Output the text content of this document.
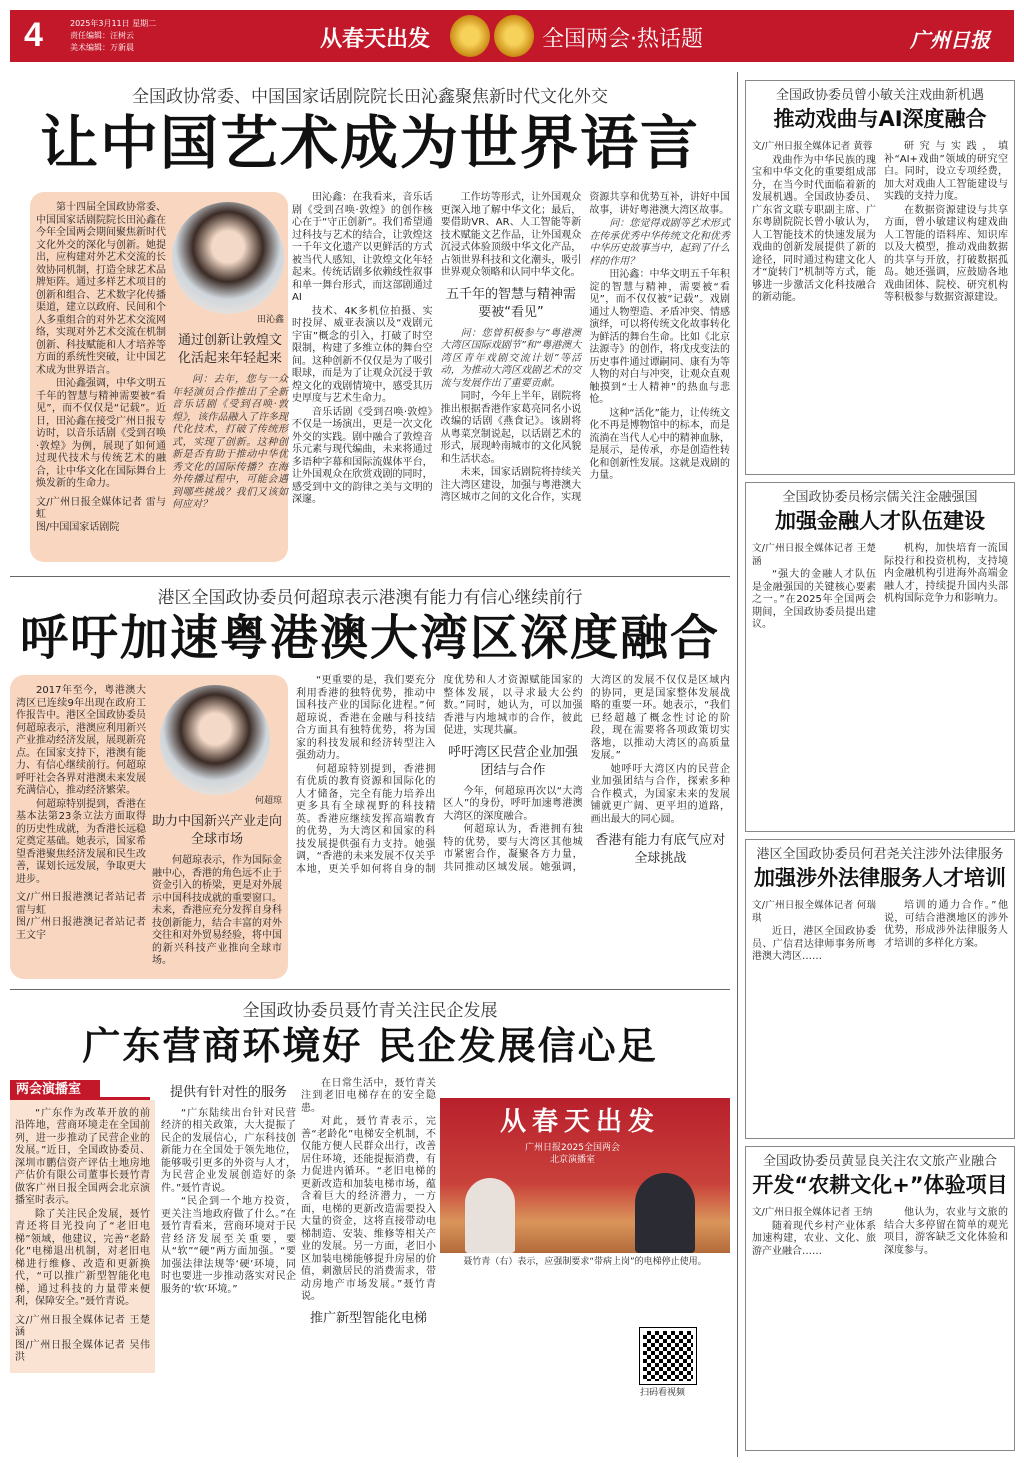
4	2025年3月11日 星期二
责任编辑：汪树云
美术编辑：万新晨	从春天出发	全国两会·热话题	广州日报
全国政协常委、中国国家话剧院院长田沁鑫聚焦新时代文化外交
让中国艺术成为世界语言

第十四届全国政协常委、中国国家话剧院院长田沁鑫在今年全国两会期间聚焦新时代文化外交的深化与创新。她提出，应构建对外艺术交流的长效协同机制，打造全球艺术品牌矩阵。通过多样艺术项目的创新和组合、艺术数字化传播渠道，建立以政府、民间和个人多重组合的对外艺术交流网络，实现对外艺术交流在机制创新、科技赋能和人才培养等方面的系统性突破，让中国艺术成为世界语言。

田沁鑫强调，中华文明五千年的智慧与精神需要被“看见”，而不仅仅是“记载”。近日，田沁鑫在接受广州日报专访时，以音乐话剧《受到召唤·敦煌》为例，展现了如何通过现代技术与传统艺术的融合，让中华文化在国际舞台上焕发新的生命力。

文/广州日报全媒体记者 雷与虹
图/中国国家话剧院
田沁鑫
通过创新让敦煌文化活起来年轻起来

问：去年，您与一众年轻演员合作推出了全新音乐话剧《受到召唤·敦煌》，该作品融入了许多现代化技术，打破了传统形式，实现了创新。这种创新是否有助于推动中华优秀文化的国际传播？在海外传播过程中，可能会遇到哪些挑战？我们又该如何应对？

田沁鑫：在我看来，音乐话剧《受到召唤·敦煌》的创作核心在于“守正创新”。我们希望通过科技与艺术的结合，让敦煌这一千年文化遗产以更鲜活的方式被当代人感知，让敦煌文化年轻起来。传统话剧多依赖线性叙事和单一舞台形式，而这部剧通过AI

技术、4K多机位拍摄、实时投屏、威亚表演以及“戏剧元宇宙”概念的引入，打破了时空限制，构建了多维立体的舞台空间。这种创新不仅仅是为了吸引眼球，而是为了让观众沉浸于敦煌文化的戏剧情境中，感受其历史厚度与艺术生命力。

音乐话剧《受到召唤·敦煌》不仅是一场演出，更是一次文化外交的实践。剧中融合了敦煌音乐元素与现代编曲，未来将通过多语种字幕和国际流媒体平台，让外国观众在欣赏戏剧的同时，感受到中文的韵律之美与文明的深邃。

工作坊等形式，让外国观众更深入地了解中华文化；最后，要借助VR、AR、人工智能等新技术赋能文艺作品，让外国观众沉浸式体验顶级中华文化产品，占领世界科技和文化潮头，吸引世界观众领略和认同中华文化。

五千年的智慧与精神需要被“看见”

问：您曾积极参与“粤港澳大湾区国际戏剧节”和“粤港澳大湾区青年戏剧交流计划”等活动，为推动大湾区戏剧艺术的交流与发展作出了重要贡献。

同时，今年上半年，剧院将推出根据香港作家葛亮同名小说改编的话剧《燕食记》。该剧将从粤菜烹制说起，以话剧艺术的形式，展现岭南城市的文化风貌和生活状态。

未来，国家话剧院将持续关注大湾区建设，加强与粤港澳大湾区城市之间的文化合作，实现资源共享和优势互补，讲好中国故事，讲好粤港澳大湾区故事。

问：您觉得戏剧等艺术形式在传承优秀中华传统文化和优秀中华历史故事当中，起到了什么样的作用？

田沁鑫：中华文明五千年积淀的智慧与精神，需要被“看见”，而不仅仅被“记载”。戏剧通过人物塑造、矛盾冲突、情感演绎，可以将传统文化故事转化为鲜活的舞台生命。比如《北京法源寺》的创作，将戊戌变法的历史事件通过谭嗣同、康有为等人物的对白与冲突，让观众直观触摸到“士人精神”的热血与悲怆。

这种“活化”能力，让传统文化不再是博物馆中的标本，而是流淌在当代人心中的精神血脉，是展示，是传承，亦是创造性转化和创新性发展。这就是戏剧的力量。

港区全国政协委员何超琼表示港澳有能力有信心继续前行
呼吁加速粤港澳大湾区深度融合

2017年至今，粤港澳大湾区已连续9年出现在政府工作报告中。港区全国政协委员何超琼表示，港澳应利用新兴产业推动经济发展，展现新亮点。在国家支持下，港澳有能力、有信心继续前行。何超琼呼吁社会各界对港澳未来发展充满信心，推动经济繁荣。

何超琼特别提到，香港在基本法第23条立法方面取得的历史性成就，为香港长远稳定奠定基础。她表示，国家希望香港聚焦经济发展和民生改善，谋划长远发展，争取更大进步。

文/广州日报港澳记者站记者 雷与虹
图/广州日报港澳记者站记者 王文宇
何超琼
助力中国新兴产业走向全球市场

何超琼表示，作为国际金融中心，香港的角色远不止于资金引入的桥梁，更是对外展示中国科技成就的重要窗口。未来，香港应充分发挥自身科技创新能力，结合丰富的对外交往和对外贸易经验，将中国的新兴科技产业推向全球市场。

“更重要的是，我们要充分利用香港的独特优势，推动中国科技产业的国际化进程。”何超琼说，香港在金融与科技结合方面具有独特优势，将为国家的科技发展和经济转型注入强劲动力。

何超琼特别提到，香港拥有优质的教育资源和国际化的人才储备，完全有能力培养出更多具有全球视野的科技精英。香港应继续发挥高端教育的优势，为大湾区和国家的科技发展提供强有力支持。她强调，“香港的未来发展不仅关乎本地，更关乎如何将自身的制度优势和人才资源赋能国家的整体发展，以寻求最大公约数。”同时，她认为，可以加强香港与内地城市的合作，彼此促进，实现共赢。

呼吁湾区民营企业加强团结与合作

今年，何超琼再次以“大湾区人”的身份，呼吁加速粤港澳大湾区的深度融合。

何超琼认为，香港拥有独特的优势，要与大湾区其他城市紧密合作，凝聚各方力量，共同推动区域发展。她强调，大湾区的发展不仅仅是区域内的协同，更是国家整体发展战略的重要一环。她表示，“我们已经超越了概念性讨论的阶段，现在需要将各项政策切实落地，以推动大湾区的高质量发展。”

她呼吁大湾区内的民营企业加强团结与合作，探索多种合作模式，为国家未来的发展铺就更广阔、更平坦的道路，画出最大的同心圆。

香港有能力有底气应对全球挑战
全国政协委员聂竹青关注民企发展
广东营商环境好 民企发展信心足
两会演播室

“广东作为改革开放的前沿阵地，营商环境走在全国前列，进一步推动了民营企业的发展。”近日，全国政协委员、深圳市鹏信资产评估土地房地产估价有限公司董事长聂竹青做客广州日报全国两会北京演播室时表示。

除了关注民企发展，聂竹青还将目光投向了“老旧电梯”领域，他建议，完善“老龄化”电梯退出机制，对老旧电梯进行维修、改造和更新换代，“可以推广新型智能化电梯，通过科技的力量带来便利，保障安全。”聂竹青说。

文/广州日报全媒体记者 王楚涵
图/广州日报全媒体记者 吴伟洪
提供有针对性的服务

“广东陆续出台针对民营经济的相关政策，大大提振了民企的发展信心，广东科技创新能力在全国处于领先地位，能够吸引更多的外资与人才，为民营企业发展创造好的条件。”聂竹青说。

“民企到一个地方投资，更关注当地政府做了什么。”在聂竹青看来，营商环境对于民营经济发展至关重要，要从“软”“硬”两方面加强。“要加强法律法规等‘硬’环境，同时也要进一步推动落实对民企服务的‘软’环境。”

在日常生活中，聂竹青关注到老旧电梯存在的安全隐患。

对此，聂竹青表示，完善“老龄化”电梯安全机制，不仅能方便人民群众出行，改善居住环境，还能提振消费，有力促进内循环。“老旧电梯的更新改造和加装电梯市场，蕴含着巨大的经济潜力，一方面，电梯的更新改造需要投入大量的资金，这将直接带动电梯制造、安装、维修等相关产业的发展。另一方面，老旧小区加装电梯能够提升房屋的价值，刺激居民的消费需求，带动房地产市场发展。”聂竹青说。

推广新型智能化电梯
从春天出发
广州日报2025全国两会
北京演播室
聂竹青（右）表示，应强制要求“带病上岗”的电梯停止使用。
扫码看视频
全国政协委员曾小敏关注戏曲新机遇
推动戏曲与AI深度融合

文/广州日报全媒体记者 黄蓉

戏曲作为中华民族的瑰宝和中华文化的重要组成部分，在当今时代面临着新的发展机遇。全国政协委员、广东省文联专职副主席、广东粤剧院院长曾小敏认为，人工智能技术的快速发展为戏曲的创新发展提供了新的途径，同时通过构建文化人才“旋转门”机制等方式，能够进一步激活文化科技融合的新动能。

研究与实践，填补“AI+戏曲”领域的研究空白。同时，设立专项经费，加大对戏曲人工智能建设与实践的支持力度。

在数据资源建设与共享方面，曾小敏建议构建戏曲人工智能的语料库、知识库以及大模型，推动戏曲数据的共享与开放，打破数据孤岛。她还强调，应鼓励各地戏曲团体、院校、研究机构等积极参与数据资源建设。

全国政协委员杨宗儒关注金融强国
加强金融人才队伍建设

文/广州日报全媒体记者 王楚涵

“强大的金融人才队伍是金融强国的关键核心要素之一。”在2025年全国两会期间，全国政协委员提出建议。

机构，加快培育一流国际投行和投资机构，支持境内金融机构引进海外高端金融人才，持续提升国内头部机构国际竞争力和影响力。

港区全国政协委员何君尧关注涉外法律服务
加强涉外法律服务人才培训

文/广州日报全媒体记者 何瑞琪

近日，港区全国政协委员、广信君达律师事务所粤港澳大湾区……

培训的通力合作。”他说，可结合港澳地区的涉外优势，形成涉外法律服务人才培训的多样化方案。

全国政协委员黄显良关注农文旅产业融合
开发“农耕文化+”体验项目

文/广州日报全媒体记者 王纳

随着现代乡村产业体系加速构建，农业、文化、旅游产业融合……

他认为，农业与文旅的结合大多停留在简单的观光项目，游客缺乏文化体验和深度参与。
